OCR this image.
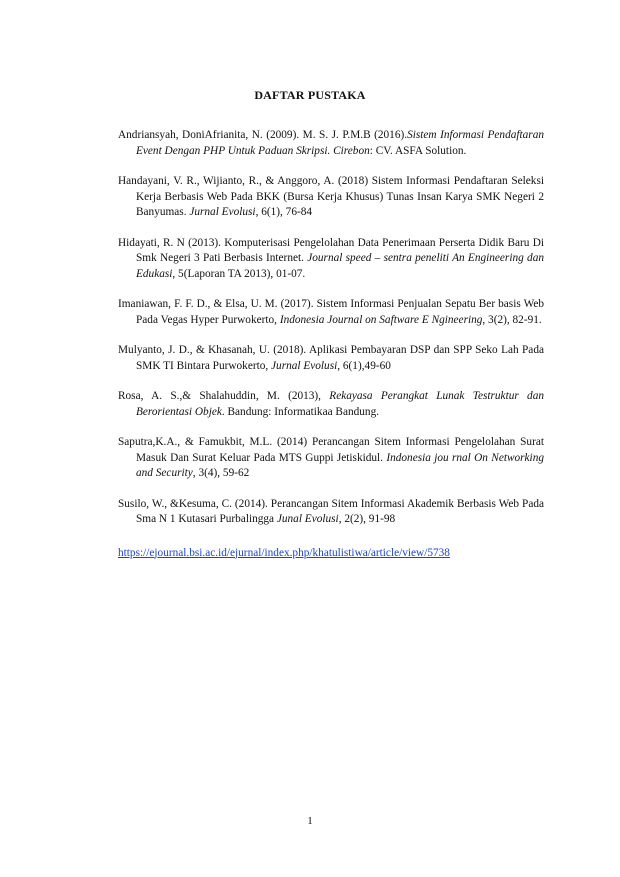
DAFTAR PUSTAKA

Andriansyah, DoniAfrianita, N. (2009). M. S. J. P.M.B (2016).Sistem Informasi Pendaftaran Event Dengan PHP Untuk Paduan Skripsi. Cirebon: CV. ASFA Solution.

Handayani, V. R., Wijianto, R., & Anggoro, A. (2018) Sistem Informasi Pendaftaran Seleksi Kerja Berbasis Web Pada BKK (Bursa Kerja Khusus) Tunas Insan Karya SMK Negeri 2 Banyumas. Jurnal Evolusi, 6(1), 76-84

Hidayati, R. N (2013). Komputerisasi Pengelolahan Data Penerimaan Perserta Didik Baru Di Smk Negeri 3 Pati Berbasis Internet. Journal speed – sentra peneliti An Engineering dan Edukasi, 5(Laporan TA 2013), 01-07.

Imaniawan, F. F. D., & Elsa, U. M. (2017). Sistem Informasi Penjualan Sepatu Ber basis Web Pada Vegas Hyper Purwokerto, Indonesia Journal on Saftware E Ngineering, 3(2), 82-91.

Mulyanto, J. D., & Khasanah, U. (2018). Aplikasi Pembayaran DSP dan SPP Seko Lah Pada SMK TI Bintara Purwokerto, Jurnal Evolusi, 6(1),49-60

Rosa, A. S.,& Shalahuddin, M. (2013), Rekayasa Perangkat Lunak Testruktur dan Berorientasi Objek. Bandung: Informatikaa Bandung.

Saputra,K.A., & Famukbit, M.L. (2014) Perancangan Sitem Informasi Pengelolahan Surat Masuk Dan Surat Keluar Pada MTS Guppi Jetiskidul. Indonesia jou rnal On Networking and Security, 3(4), 59-62

Susilo, W., &Kesuma, C. (2014). Perancangan Sitem Informasi Akademik Berbasis Web Pada Sma N 1 Kutasari Purbalingga Junal Evolusi, 2(2), 91-98

https://ejournal.bsi.ac.id/ejurnal/index.php/khatulistiwa/article/view/5738
1
